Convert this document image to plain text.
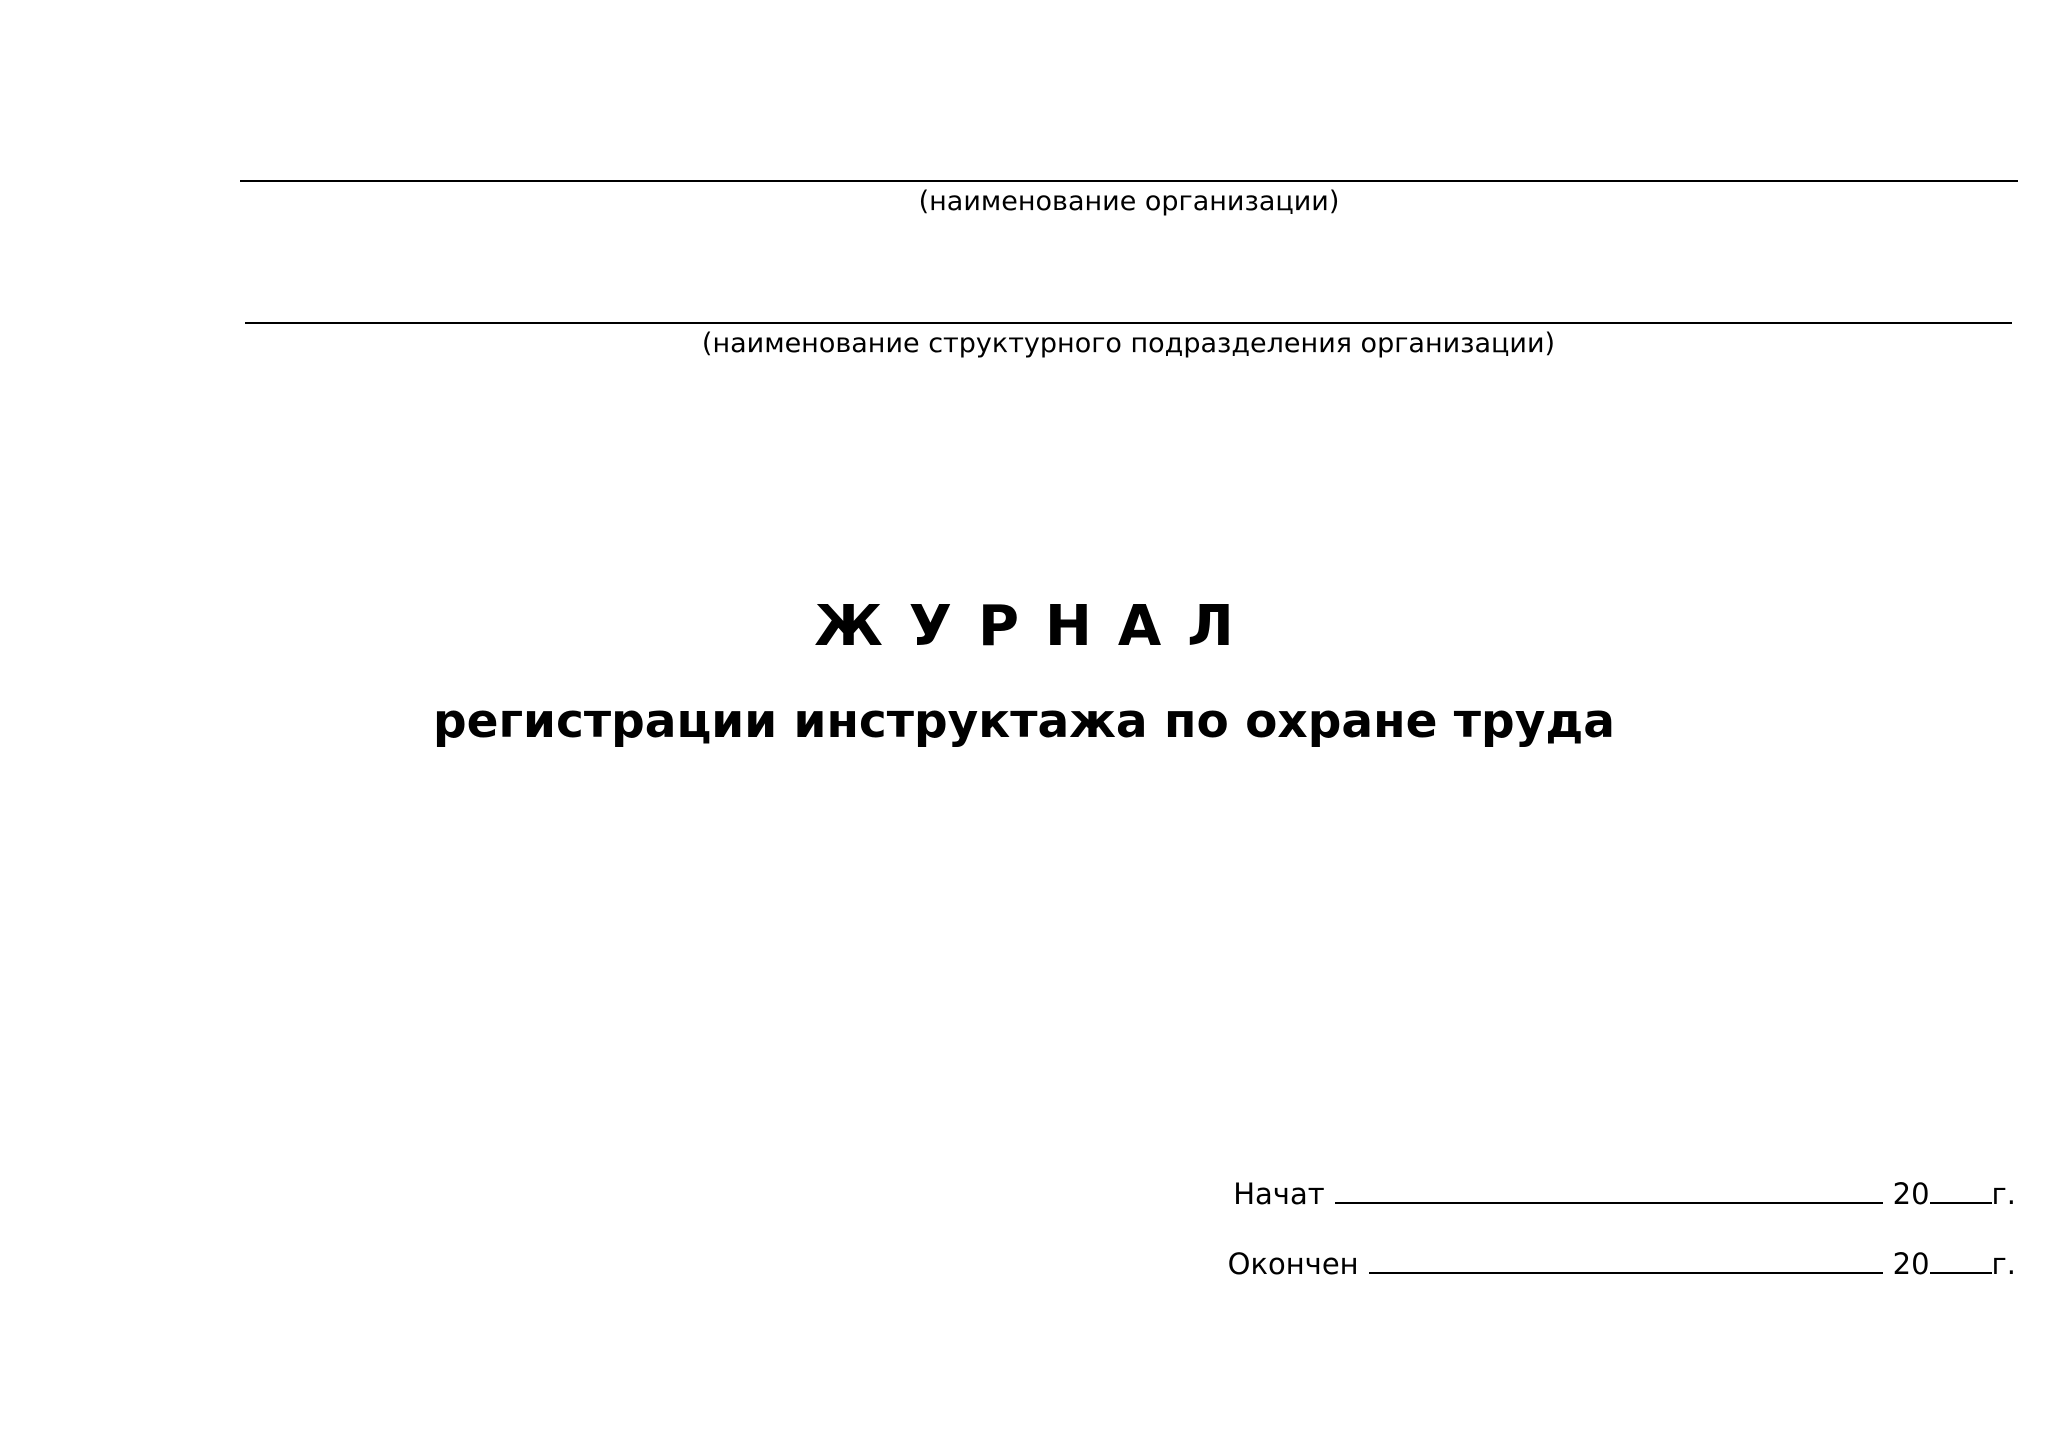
(наименование организации)
(наименование структурного подразделения организации)
ЖУРНАЛ
регистрации инструктажа по охране труда
Начат	20 г.
Окончен	20 г.
